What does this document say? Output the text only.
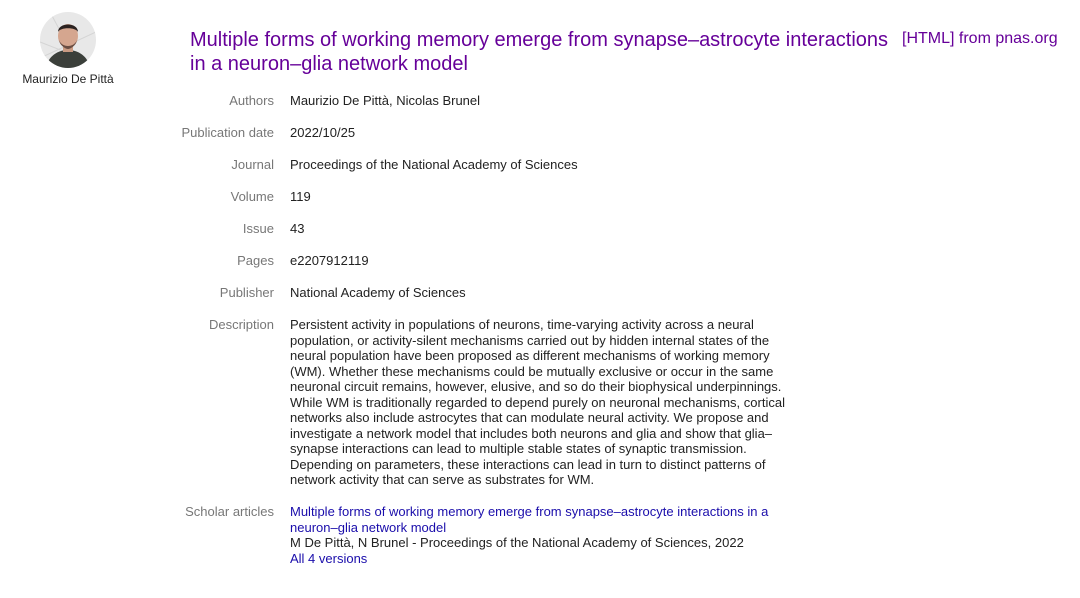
Maurizio De Pittà
Multiple forms of working memory emerge from synapse–astrocyte interactions
in a neuron–glia network model
[HTML] from pnas.org
Authors	Maurizio De Pittà, Nicolas Brunel
Publication date	2022/10/25
Journal	Proceedings of the National Academy of Sciences
Volume	119
Issue	43
Pages	e2207912119
Publisher	National Academy of Sciences
Description	Persistent activity in populations of neurons, time-varying activity across a neural
population, or activity-silent mechanisms carried out by hidden internal states of the
neural population have been proposed as different mechanisms of working memory
(WM). Whether these mechanisms could be mutually exclusive or occur in the same
neuronal circuit remains, however, elusive, and so do their biophysical underpinnings.
While WM is traditionally regarded to depend purely on neuronal mechanisms, cortical
networks also include astrocytes that can modulate neural activity. We propose and
investigate a network model that includes both neurons and glia and show that glia–
synapse interactions can lead to multiple stable states of synaptic transmission.
Depending on parameters, these interactions can lead in turn to distinct patterns of
network activity that can serve as substrates for WM.
Scholar articles	Multiple forms of working memory emerge from synapse–astrocyte interactions in a
neuron–glia network model
M De Pittà, N Brunel - Proceedings of the National Academy of Sciences, 2022
All 4 versions
